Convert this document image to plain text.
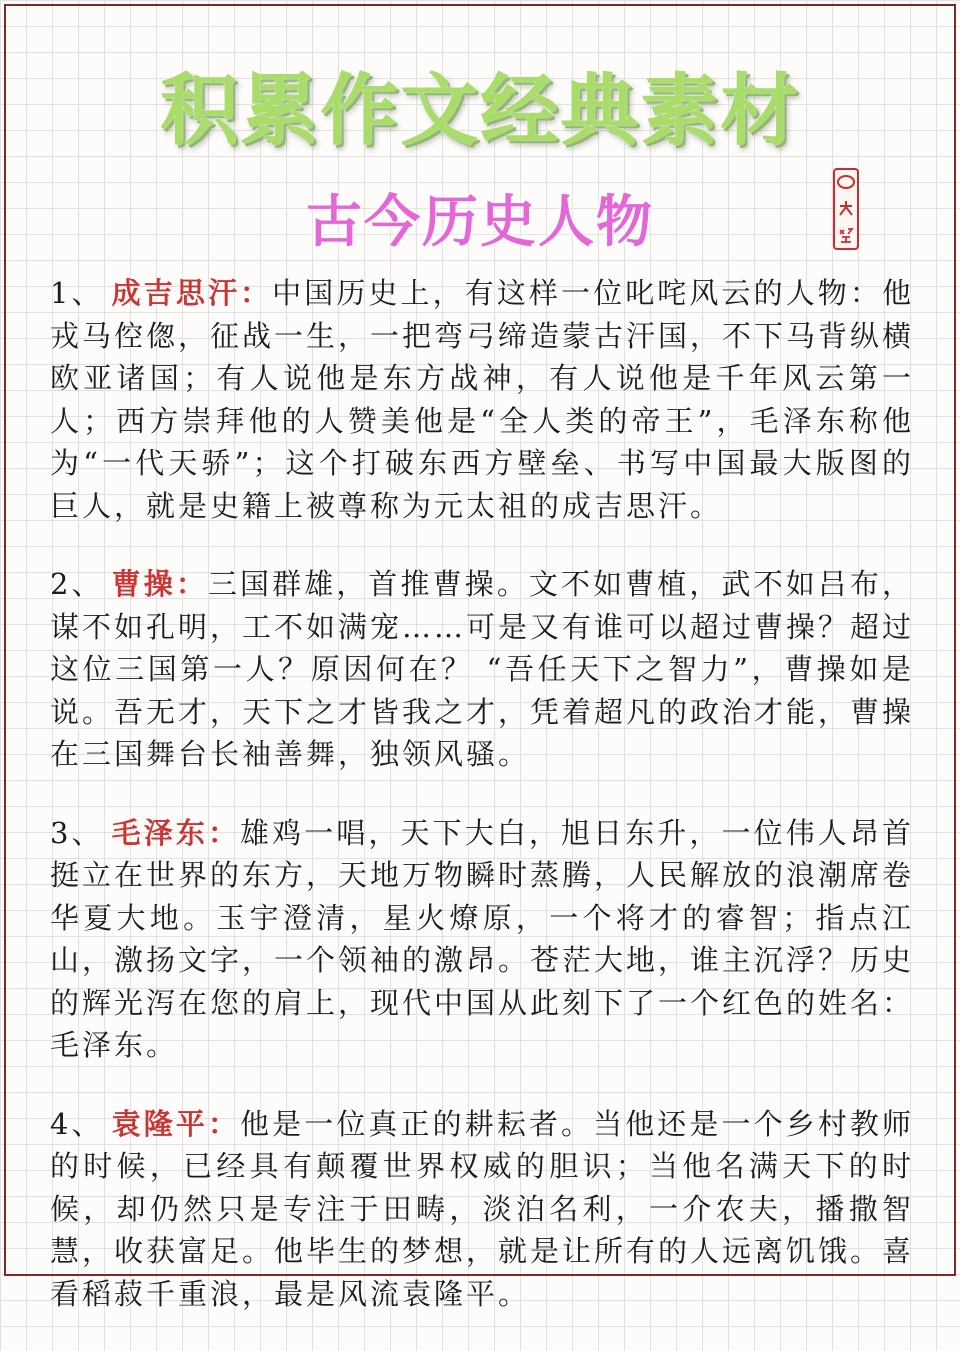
积累作文经典素材
古今历史人物

1、 成吉思汗：中国历史上，有这样一位叱咤风云的人物：他戎马倥偬，征战一生，一把弯弓缔造蒙古汗国，不下马背纵横欧亚诸国；有人说他是东方战神，有人说他是千年风云第一人；西方崇拜他的人赞美他是“全人类的帝王”，毛泽东称他为“一代天骄”；这个打破东西方壁垒、书写中国最大版图的巨人，就是史籍上被尊称为元太祖的成吉思汗。

2、 曹操：三国群雄，首推曹操。文不如曹植，武不如吕布，谋不如孔明，工不如满宠……可是又有谁可以超过曹操？超过这位三国第一人？原因何在？ “吾任天下之智力”，曹操如是说。吾无才，天下之才皆我之才，凭着超凡的政治才能，曹操在三国舞台长袖善舞，独领风骚。

3、 毛泽东：雄鸡一唱，天下大白，旭日东升，一位伟人昂首挺立在世界的东方，天地万物瞬时蒸腾，人民解放的浪潮席卷华夏大地。玉宇澄清，星火燎原，一个将才的睿智；指点江山，激扬文字，一个领袖的激昂。苍茫大地，谁主沉浮？历史的辉光泻在您的肩上，现代中国从此刻下了一个红色的姓名：毛泽东。

4、 袁隆平：他是一位真正的耕耘者。当他还是一个乡村教师的时候，已经具有颠覆世界权威的胆识；当他名满天下的时候，却仍然只是专注于田畴，淡泊名利，一介农夫，播撒智慧，收获富足。他毕生的梦想，就是让所有的人远离饥饿。喜看稻菽千重浪，最是风流袁隆平。
